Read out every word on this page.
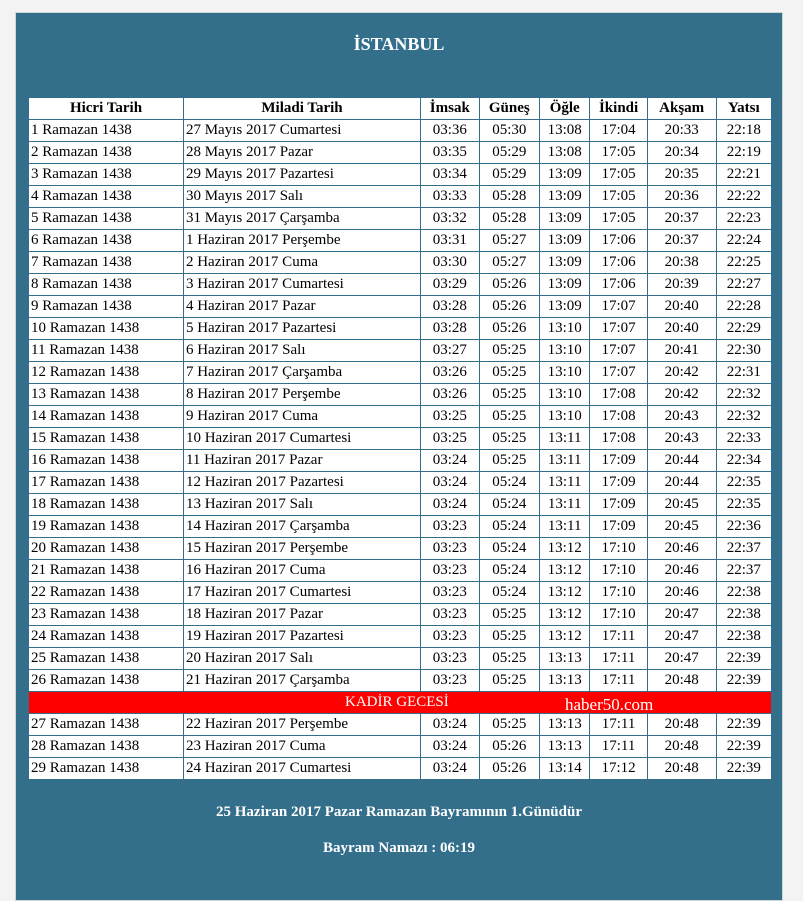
İSTANBUL
Hicri Tarih	Miladi Tarih	İmsak	Güneş	Öğle	İkindi	Akşam	Yatsı
1 Ramazan 1438	27 Mayıs 2017 Cumartesi	03:36	05:30	13:08	17:04	20:33	22:18
2 Ramazan 1438	28 Mayıs 2017 Pazar	03:35	05:29	13:08	17:05	20:34	22:19
3 Ramazan 1438	29 Mayıs 2017 Pazartesi	03:34	05:29	13:09	17:05	20:35	22:21
4 Ramazan 1438	30 Mayıs 2017 Salı	03:33	05:28	13:09	17:05	20:36	22:22
5 Ramazan 1438	31 Mayıs 2017 Çarşamba	03:32	05:28	13:09	17:05	20:37	22:23
6 Ramazan 1438	1 Haziran 2017 Perşembe	03:31	05:27	13:09	17:06	20:37	22:24
7 Ramazan 1438	2 Haziran 2017 Cuma	03:30	05:27	13:09	17:06	20:38	22:25
8 Ramazan 1438	3 Haziran 2017 Cumartesi	03:29	05:26	13:09	17:06	20:39	22:27
9 Ramazan 1438	4 Haziran 2017 Pazar	03:28	05:26	13:09	17:07	20:40	22:28
10 Ramazan 1438	5 Haziran 2017 Pazartesi	03:28	05:26	13:10	17:07	20:40	22:29
11 Ramazan 1438	6 Haziran 2017 Salı	03:27	05:25	13:10	17:07	20:41	22:30
12 Ramazan 1438	7 Haziran 2017 Çarşamba	03:26	05:25	13:10	17:07	20:42	22:31
13 Ramazan 1438	8 Haziran 2017 Perşembe	03:26	05:25	13:10	17:08	20:42	22:32
14 Ramazan 1438	9 Haziran 2017 Cuma	03:25	05:25	13:10	17:08	20:43	22:32
15 Ramazan 1438	10 Haziran 2017 Cumartesi	03:25	05:25	13:11	17:08	20:43	22:33
16 Ramazan 1438	11 Haziran 2017 Pazar	03:24	05:25	13:11	17:09	20:44	22:34
17 Ramazan 1438	12 Haziran 2017 Pazartesi	03:24	05:24	13:11	17:09	20:44	22:35
18 Ramazan 1438	13 Haziran 2017 Salı	03:24	05:24	13:11	17:09	20:45	22:35
19 Ramazan 1438	14 Haziran 2017 Çarşamba	03:23	05:24	13:11	17:09	20:45	22:36
20 Ramazan 1438	15 Haziran 2017 Perşembe	03:23	05:24	13:12	17:10	20:46	22:37
21 Ramazan 1438	16 Haziran 2017 Cuma	03:23	05:24	13:12	17:10	20:46	22:37
22 Ramazan 1438	17 Haziran 2017 Cumartesi	03:23	05:24	13:12	17:10	20:46	22:38
23 Ramazan 1438	18 Haziran 2017 Pazar	03:23	05:25	13:12	17:10	20:47	22:38
24 Ramazan 1438	19 Haziran 2017 Pazartesi	03:23	05:25	13:12	17:11	20:47	22:38
25 Ramazan 1438	20 Haziran 2017 Salı	03:23	05:25	13:13	17:11	20:47	22:39
26 Ramazan 1438	21 Haziran 2017 Çarşamba	03:23	05:25	13:13	17:11	20:48	22:39

KADİR GECESİ haber50.com							

27 Ramazan 1438	22 Haziran 2017 Perşembe	03:24	05:25	13:13	17:11	20:48	22:39
28 Ramazan 1438	23 Haziran 2017 Cuma	03:24	05:26	13:13	17:11	20:48	22:39
29 Ramazan 1438	24 Haziran 2017 Cumartesi	03:24	05:26	13:14	17:12	20:48	22:39
25 Haziran 2017 Pazar Ramazan Bayramının 1.Günüdür
Bayram Namazı : 06:19
